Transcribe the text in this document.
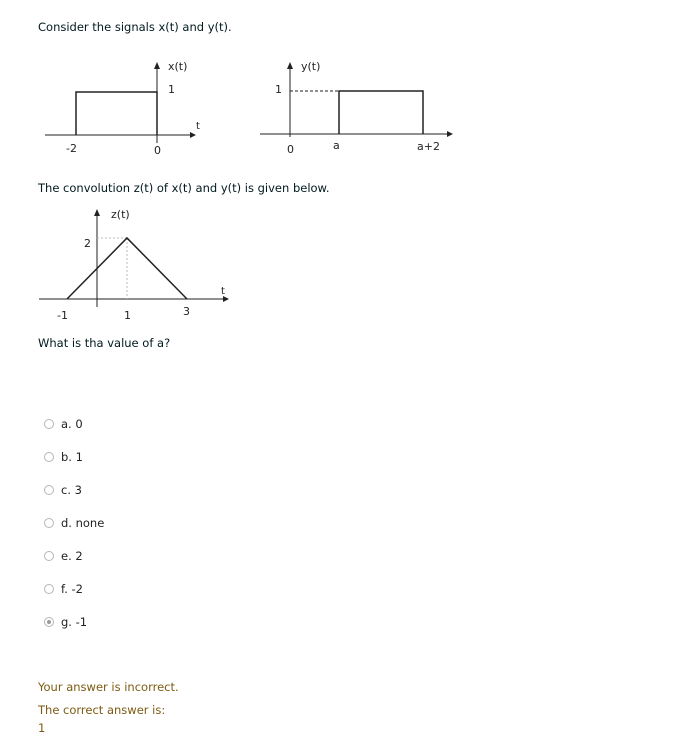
Consider the signals x(t) and y(t).
x(t)
1
t
-2	0
y(t)
1
0	a	a+2
The convolution z(t) of x(t) and y(t) is given below.
z(t)
2
t
-1	1	3
What is tha value of a?
a. 0
b. 1
c. 3
d. none
e. 2
f. -2
g. -1
Your answer is incorrect.
The correct answer is:
1
